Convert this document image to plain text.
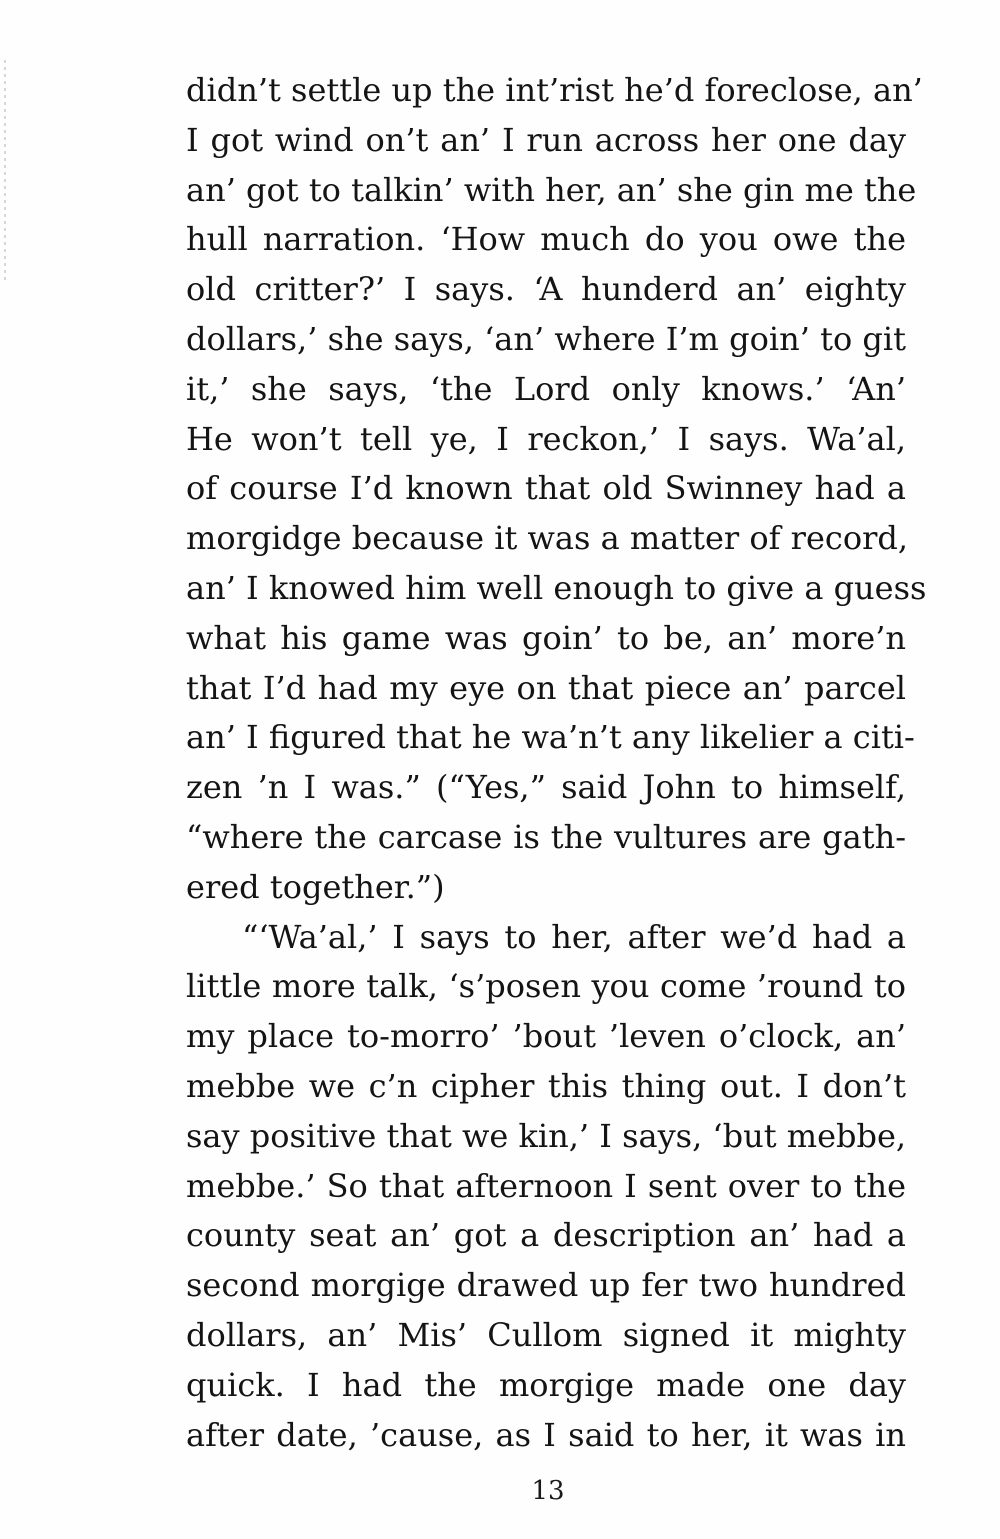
didn’t settle up the int’rist he’d foreclose, an’
I got wind on’t an’ I run across her one day
an’ got to talkin’ with her, an’ she gin me the
hull narration. ‘How much do you owe the
old critter?’ I says. ‘A hunderd an’ eighty
dollars,’ she says, ‘an’ where I’m goin’ to git
it,’ she says, ‘the Lord only knows.’ ‘An’
He won’t tell ye, I reckon,’ I says. Wa’al,
of course I’d known that old Swinney had a
morgidge because it was a matter of record,
an’ I knowed him well enough to give a guess
what his game was goin’ to be, an’ more’n
that I’d had my eye on that piece an’ parcel
an’ I figured that he wa’n’t any likelier a citi-
zen ’n I was.” (“Yes,” said John to himself,
“where the carcase is the vultures are gath-
ered together.”)
“‘Wa’al,’ I says to her, after we’d had a
little more talk, ‘s’posen you come ’round to
my place to-morro’ ’bout ’leven o’clock, an’
mebbe we c’n cipher this thing out. I don’t
say positive that we kin,’ I says, ‘but mebbe,
mebbe.’ So that afternoon I sent over to the
county seat an’ got a description an’ had a
second morgige drawed up fer two hundred
dollars, an’ Mis’ Cullom signed it mighty
quick. I had the morgige made one day
after date, ’cause, as I said to her, it was in
13
